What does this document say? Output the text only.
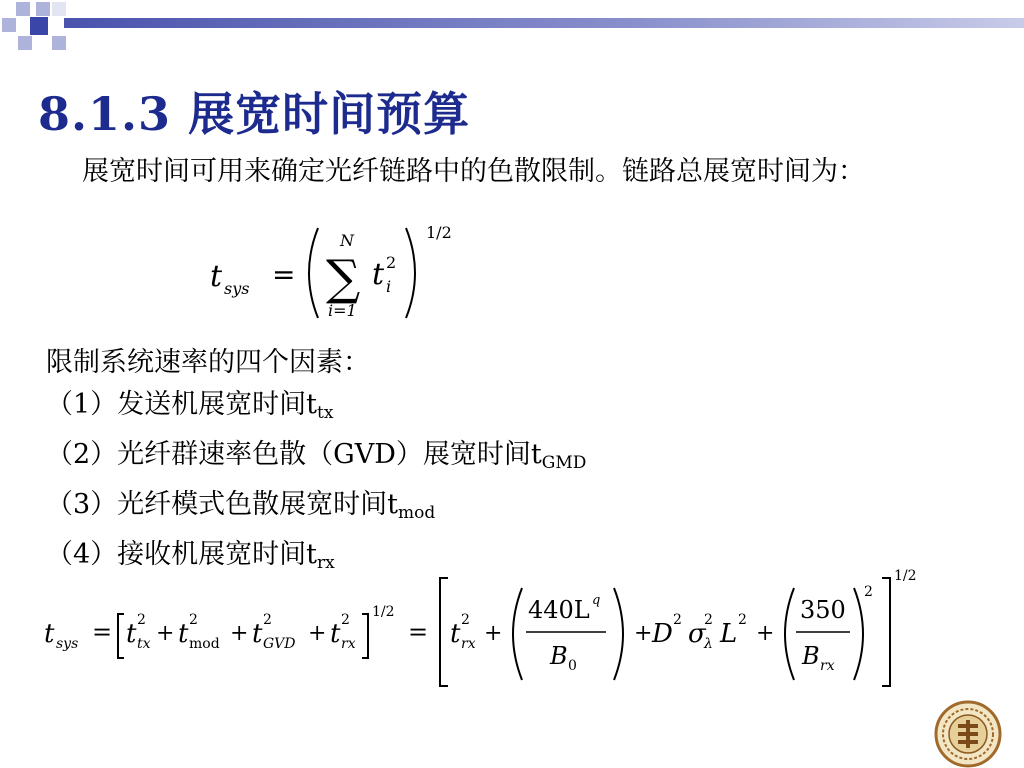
8.1.3 展宽时间预算
展宽时间可用来确定光纤链路中的色散限制。链路总展宽时间为：
t sys =
N
∑
i=1
t 2
i
1/2
限制系统速率的四个因素：
（1）发送机展宽时间$t_{tx}$
（2）光纤群速率色散（GVD）展宽时间$t_{GMD}$
（3）光纤模式色散展宽时间$t_{mod}$
（4）接收机展宽时间$t_{rx}$
t sys = t 2
tx + t 2
mod + t 2
GVD + t 2
rx
1/2
= t 2
rx +
440L q
B 0
+ D 2 σ
2
λ L 2
+
350
B rx
2
1/2
